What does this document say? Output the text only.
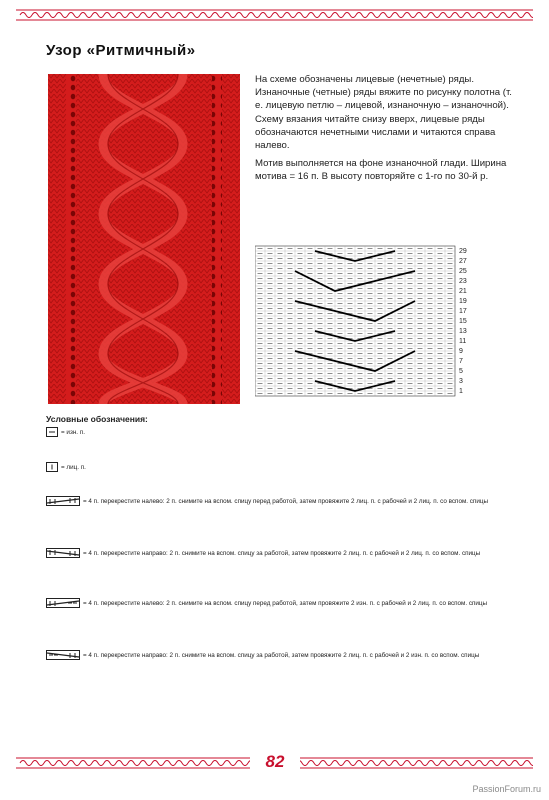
Узор «Ритмичный»

На схеме обозначены лицевые (нечетные) ряды. Изнаночные (четные) ряды вяжите по рисунку полотна (т. е. лицевую петлю – лицевой, изнаночную – изнаночной). Схему вязания читайте снизу вверх, лицевые ряды обозначаются нечетными числами и читаются справа налево.

Мотив выполняется на фоне изнаночной глади. Ширина мотива = 16 п. В высоту повторяйте с 1-го по 30-й р.

29
27
25
23
21
19
17
15
13
11
9
7
5
3
1
Условные обозначения:
= изн. п.
= лиц. п.
= 4 п. перекрестите налево: 2 п. снимите на вспом. спицу перед работой, затем провяжите 2 лиц. п. с рабочей и 2 лиц. п. со вспом. спицы
= 4 п. перекрестите направо: 2 п. снимите на вспом. спицу за работой, затем провяжите 2 лиц. п. с рабочей и 2 лиц. п. со вспом. спицы
= 4 п. перекрестите налево: 2 п. снимите на вспом. спицу перед работой, затем провяжите 2 изн. п. с рабочей и 2 лиц. п. со вспом. спицы
= 4 п. перекрестите направо: 2 п. снимите на вспом. спицу за работой, затем провяжите 2 лиц. п. с рабочей и 2 изн. п. со вспом. спицы
82
PassionForum.ru
